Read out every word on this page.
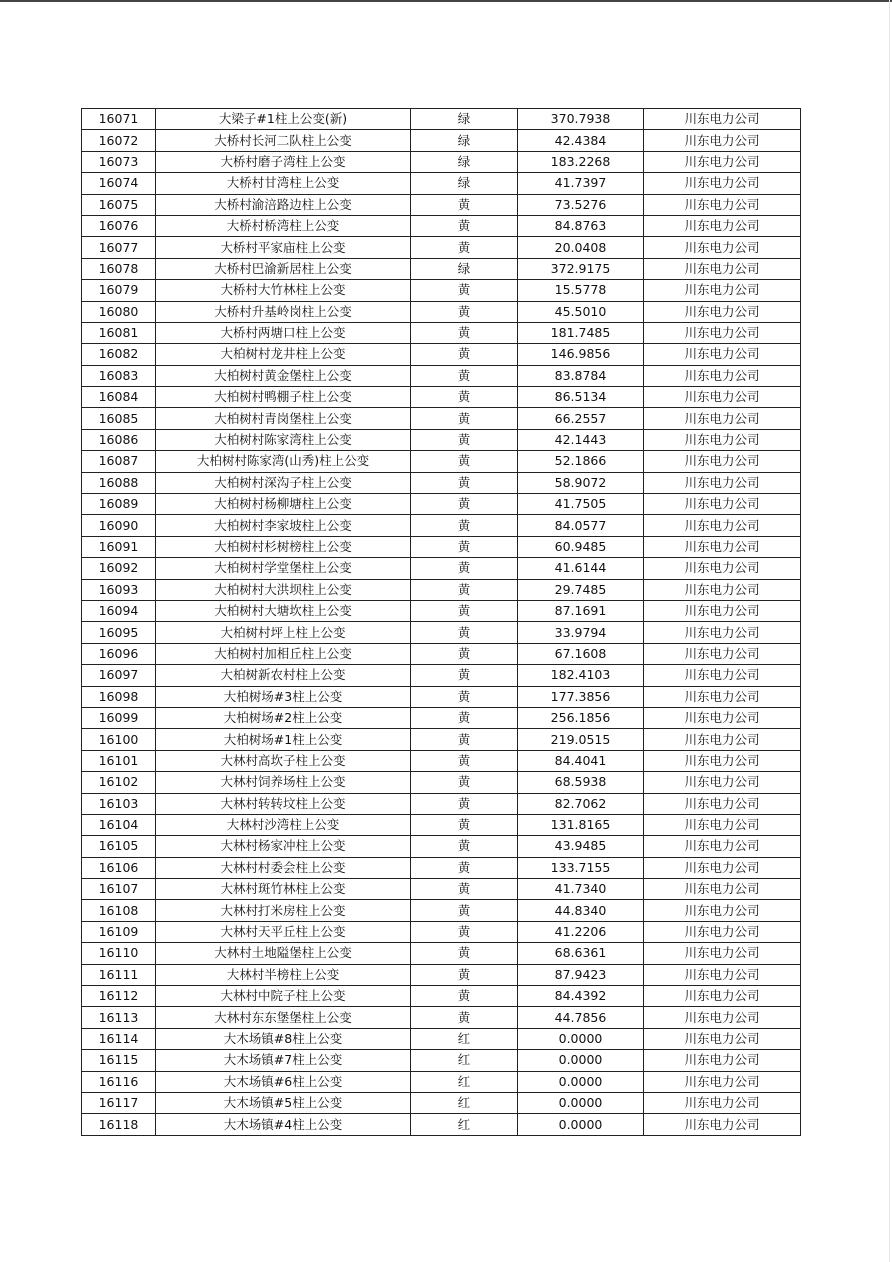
16071	大梁子#1柱上公变(新)	绿	370.7938	川东电力公司
16072	大桥村长河二队柱上公变	绿	42.4384	川东电力公司
16073	大桥村磨子湾柱上公变	绿	183.2268	川东电力公司
16074	大桥村甘湾柱上公变	绿	41.7397	川东电力公司
16075	大桥村渝涪路边柱上公变	黄	73.5276	川东电力公司
16076	大桥村桥湾柱上公变	黄	84.8763	川东电力公司
16077	大桥村平家庙柱上公变	黄	20.0408	川东电力公司
16078	大桥村巴渝新居柱上公变	绿	372.9175	川东电力公司
16079	大桥村大竹林柱上公变	黄	15.5778	川东电力公司
16080	大桥村升基岭岗柱上公变	黄	45.5010	川东电力公司
16081	大桥村两塘口柱上公变	黄	181.7485	川东电力公司
16082	大柏树村龙井柱上公变	黄	146.9856	川东电力公司
16083	大柏树村黄金堡柱上公变	黄	83.8784	川东电力公司
16084	大柏树村鸭棚子柱上公变	黄	86.5134	川东电力公司
16085	大柏树村青岗堡柱上公变	黄	66.2557	川东电力公司
16086	大柏树村陈家湾柱上公变	黄	42.1443	川东电力公司
16087	大柏树村陈家湾(山秀)柱上公变	黄	52.1866	川东电力公司
16088	大柏树村深沟子柱上公变	黄	58.9072	川东电力公司
16089	大柏树村杨柳塘柱上公变	黄	41.7505	川东电力公司
16090	大柏树村李家坡柱上公变	黄	84.0577	川东电力公司
16091	大柏树村杉树榜柱上公变	黄	60.9485	川东电力公司
16092	大柏树村学堂堡柱上公变	黄	41.6144	川东电力公司
16093	大柏树村大洪坝柱上公变	黄	29.7485	川东电力公司
16094	大柏树村大塘坎柱上公变	黄	87.1691	川东电力公司
16095	大柏树村坪上柱上公变	黄	33.9794	川东电力公司
16096	大柏树村加相丘柱上公变	黄	67.1608	川东电力公司
16097	大柏树新农村柱上公变	黄	182.4103	川东电力公司
16098	大柏树场#3柱上公变	黄	177.3856	川东电力公司
16099	大柏树场#2柱上公变	黄	256.1856	川东电力公司
16100	大柏树场#1柱上公变	黄	219.0515	川东电力公司
16101	大林村高坎子柱上公变	黄	84.4041	川东电力公司
16102	大林村饲养场柱上公变	黄	68.5938	川东电力公司
16103	大林村转转坟柱上公变	黄	82.7062	川东电力公司
16104	大林村沙湾柱上公变	黄	131.8165	川东电力公司
16105	大林村杨家冲柱上公变	黄	43.9485	川东电力公司
16106	大林村村委会柱上公变	黄	133.7155	川东电力公司
16107	大林村斑竹林柱上公变	黄	41.7340	川东电力公司
16108	大林村打米房柱上公变	黄	44.8340	川东电力公司
16109	大林村天平丘柱上公变	黄	41.2206	川东电力公司
16110	大林村土地隘堡柱上公变	黄	68.6361	川东电力公司
16111	大林村半榜柱上公变	黄	87.9423	川东电力公司
16112	大林村中院子柱上公变	黄	84.4392	川东电力公司
16113	大林村东东堡堡柱上公变	黄	44.7856	川东电力公司
16114	大木场镇#8柱上公变	红	0.0000	川东电力公司
16115	大木场镇#7柱上公变	红	0.0000	川东电力公司
16116	大木场镇#6柱上公变	红	0.0000	川东电力公司
16117	大木场镇#5柱上公变	红	0.0000	川东电力公司
16118	大木场镇#4柱上公变	红	0.0000	川东电力公司
